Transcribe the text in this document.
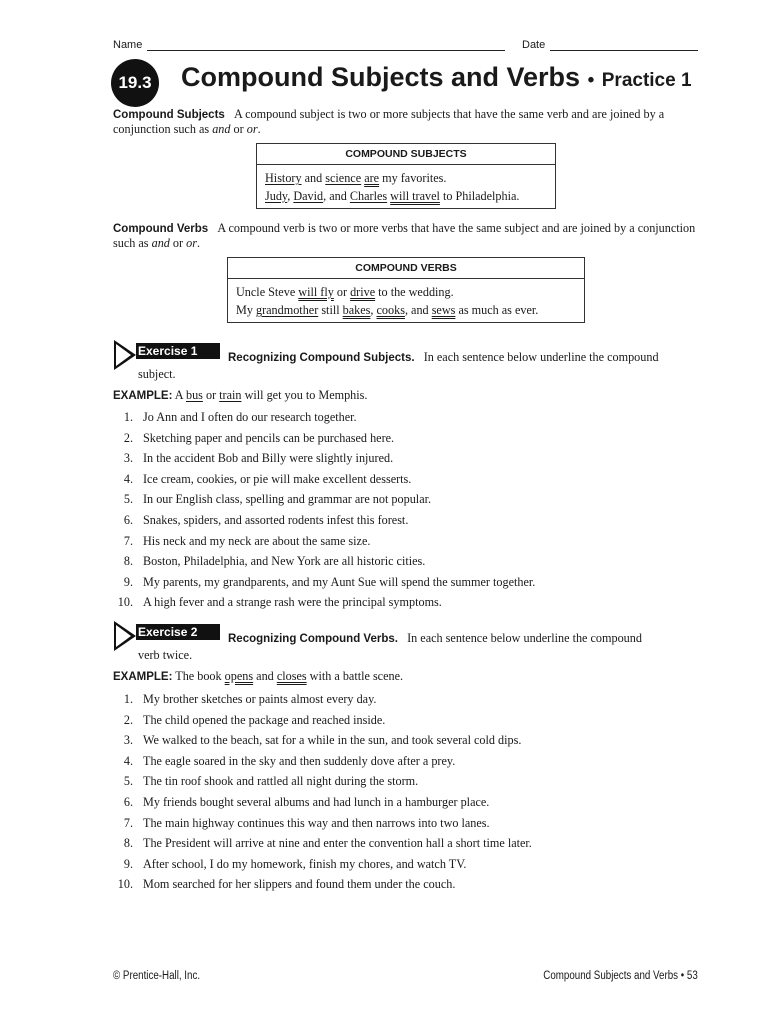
Name	Date
19.3 Compound Subjects and Verbs • Practice 1

Compound Subjects A compound subject is two or more subjects that have the same verb and are joined by a conjunction such as and or or.

COMPOUND SUBJECTS
History and science are my favorites.
Judy, David, and Charles will travel to Philadelphia.

Compound Verbs A compound verb is two or more verbs that have the same subject and are joined by a conjunction such as and or or.

COMPOUND VERBS
Uncle Steve will fly or drive to the wedding.
My grandmother still bakes, cooks, and sews as much as ever.
Exercise 1	Recognizing Compound Subjects. In each sentence below underline the compound
subject.
EXAMPLE: A bus or train will get you to Memphis.
1. Jo Ann and I often do our research together.
2. Sketching paper and pencils can be purchased here.
3. In the accident Bob and Billy were slightly injured.
4. Ice cream, cookies, or pie will make excellent desserts.
5. In our English class, spelling and grammar are not popular.
6. Snakes, spiders, and assorted rodents infest this forest.
7. His neck and my neck are about the same size.
8. Boston, Philadelphia, and New York are all historic cities.
9. My parents, my grandparents, and my Aunt Sue will spend the summer together.
10. A high fever and a strange rash were the principal symptoms.
Exercise 2	Recognizing Compound Verbs. In each sentence below underline the compound
verb twice.
EXAMPLE: The book opens and closes with a battle scene.
1. My brother sketches or paints almost every day.
2. The child opened the package and reached inside.
3. We walked to the beach, sat for a while in the sun, and took several cold dips.
4. The eagle soared in the sky and then suddenly dove after a prey.
5. The tin roof shook and rattled all night during the storm.
6. My friends bought several albums and had lunch in a hamburger place.
7. The main highway continues this way and then narrows into two lanes.
8. The President will arrive at nine and enter the convention hall a short time later.
9. After school, I do my homework, finish my chores, and watch TV.
10. Mom searched for her slippers and found them under the couch.
© Prentice-Hall, Inc.	Compound Subjects and Verbs • 53
